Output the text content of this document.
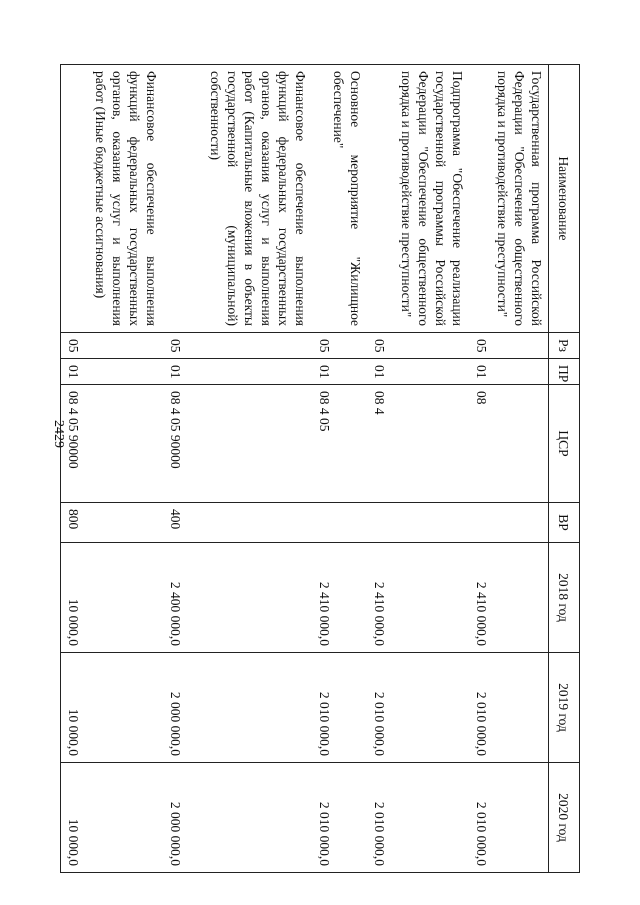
2429
Наименование	Рз	ПР	ЦСР	ВР	2018 год	2019 год	2020 год
Государственная программа Российской Федерации "Обеспечение общественного порядка и противодействие преступности"	05	01	08		2 410 000,0	2 010 000,0	2 010 000,0
Подпрограмма "Обеспечение реализации государственной программы Российской Федерации "Обеспечение общественного порядка и противодействие преступности"	05	01	08 4		2 410 000,0	2 010 000,0	2 010 000,0
Основное мероприятие "Жилищное обеспечение"	05	01	08 4 05		2 410 000,0	2 010 000,0	2 010 000,0
Финансовое обеспечение выполнения функций федеральных государственных органов, оказания услуг и выполнения работ (Капитальные вложения в объекты государственной (муниципальной) собственности)	05	01	08 4 05 90000	400	2 400 000,0	2 000 000,0	2 000 000,0
Финансовое обеспечение выполнения функций федеральных государственных органов, оказания услуг и выполнения работ (Иные бюджетные ассигнования)	05	01	08 4 05 90000	800	10 000,0	10 000,0	10 000,0
